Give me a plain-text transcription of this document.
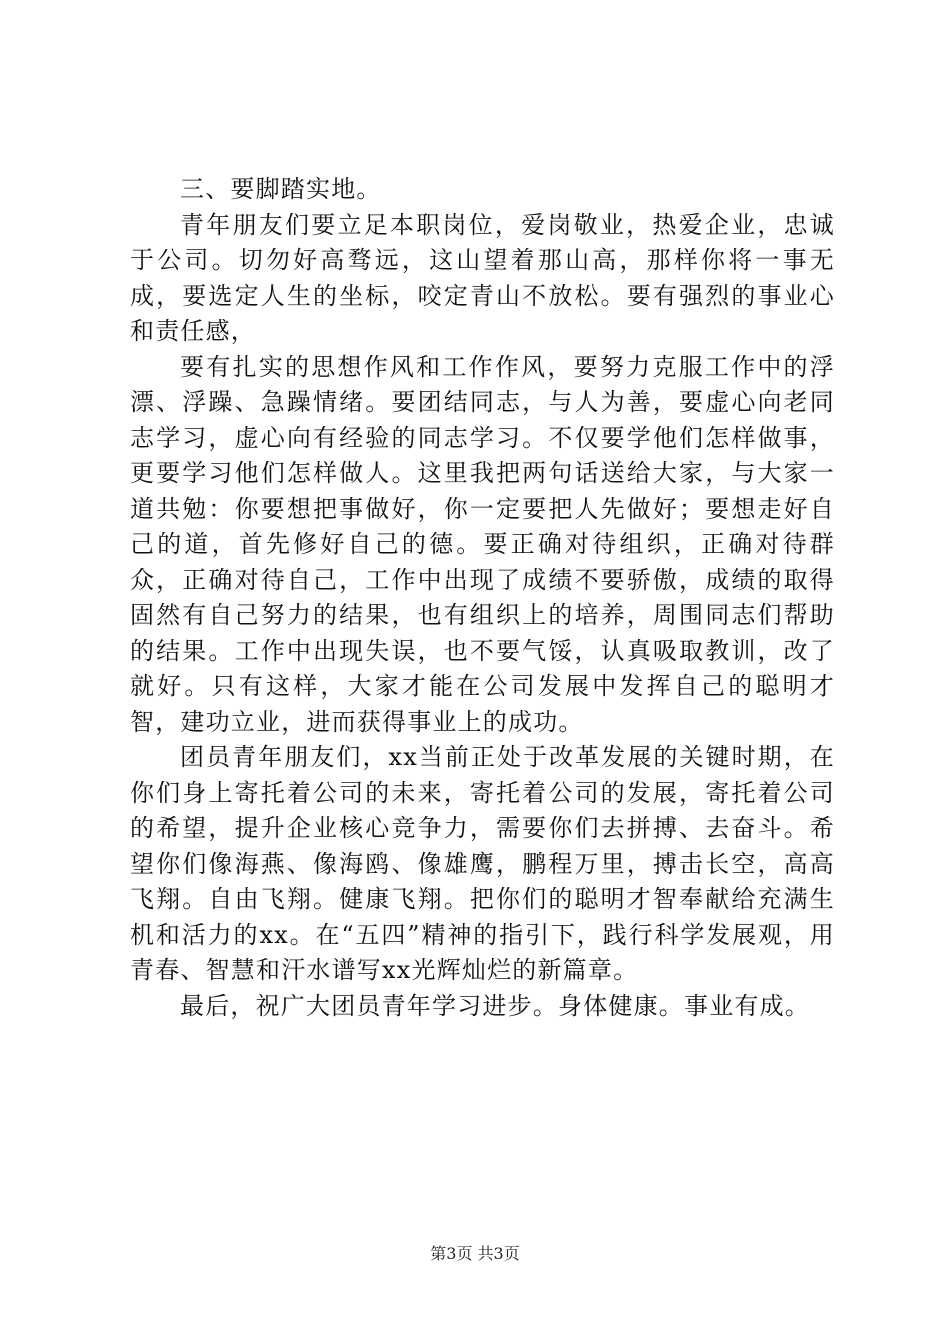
三、要脚踏实地。

青年朋友们要立足本职岗位，爱岗敬业，热爱企业，忠诚于公司。切勿好高骛远，这山望着那山高，那样你将一事无成，要选定人生的坐标，咬定青山不放松。要有强烈的事业心和责任感，

要有扎实的思想作风和工作作风，要努力克服工作中的浮漂、浮躁、急躁情绪。要团结同志，与人为善，要虚心向老同志学习，虚心向有经验的同志学习。不仅要学他们怎样做事，更要学习他们怎样做人。这里我把两句话送给大家，与大家一道共勉：你要想把事做好，你一定要把人先做好；要想走好自己的道，首先修好自己的德。要正确对待组织，正确对待群众，正确对待自己，工作中出现了成绩不要骄傲，成绩的取得固然有自己努力的结果，也有组织上的培养，周围同志们帮助的结果。工作中出现失误，也不要气馁，认真吸取教训，改了就好。只有这样，大家才能在公司发展中发挥自己的聪明才智，建功立业，进而获得事业上的成功。

团员青年朋友们，xx当前正处于改革发展的关键时期，在你们身上寄托着公司的未来，寄托着公司的发展，寄托着公司的希望，提升企业核心竞争力，需要你们去拼搏、去奋斗。希望你们像海燕、像海鸥、像雄鹰，鹏程万里，搏击长空，高高飞翔。自由飞翔。健康飞翔。把你们的聪明才智奉献给充满生机和活力的xx。在“五四”精神的指引下，践行科学发展观，用青春、智慧和汗水谱写xx光辉灿烂的新篇章。

最后，祝广大团员青年学习进步。身体健康。事业有成。

第3页 共3页
